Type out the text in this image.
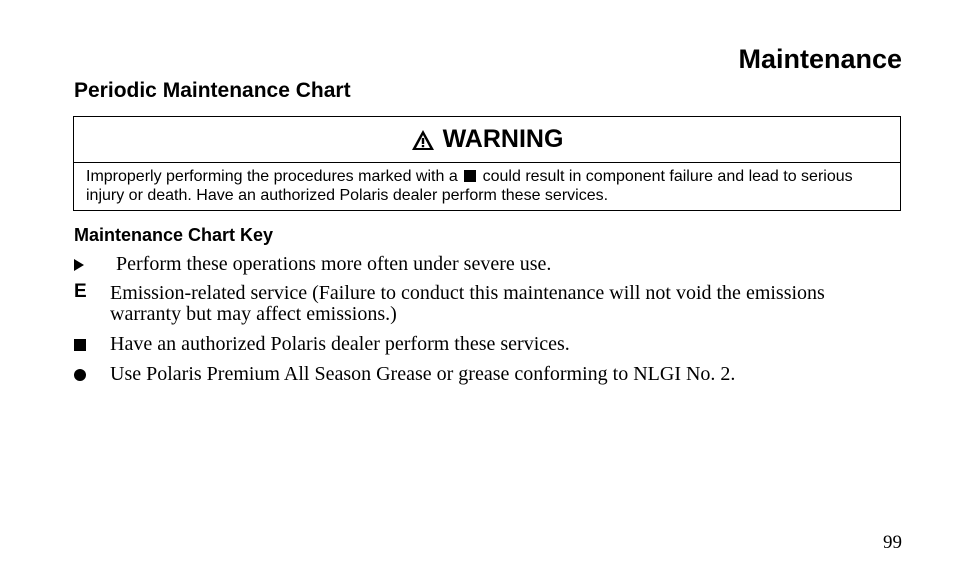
Maintenance
Periodic Maintenance Chart
WARNING
Improperly performing the procedures marked with a could result in component failure and lead to serious injury or death. Have an authorized Polaris dealer perform these services.
Maintenance Chart Key
Perform these operations more often under severe use.
E Emission-related service (Failure to conduct this maintenance will not void the emissions warranty but may affect emissions.)
Have an authorized Polaris dealer perform these services.
Use Polaris Premium All Season Grease or grease conforming to NLGI No. 2.
99
